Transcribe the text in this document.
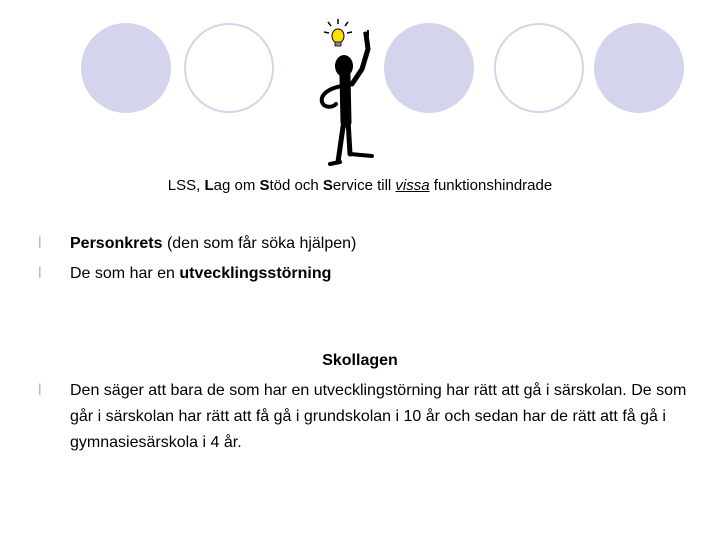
LSS, Lag om Stöd och Service till vissa funktionshindrade
l Personkrets (den som får söka hjälpen)
l De som har en utvecklingsstörning
Skollagen
l Den säger att bara de som har en utvecklingstörning har rätt att gå i särskolan. De som går i särskolan har rätt att få gå i grundskolan i 10 år och sedan har de rätt att få gå i gymnasiesärskola i 4 år.
